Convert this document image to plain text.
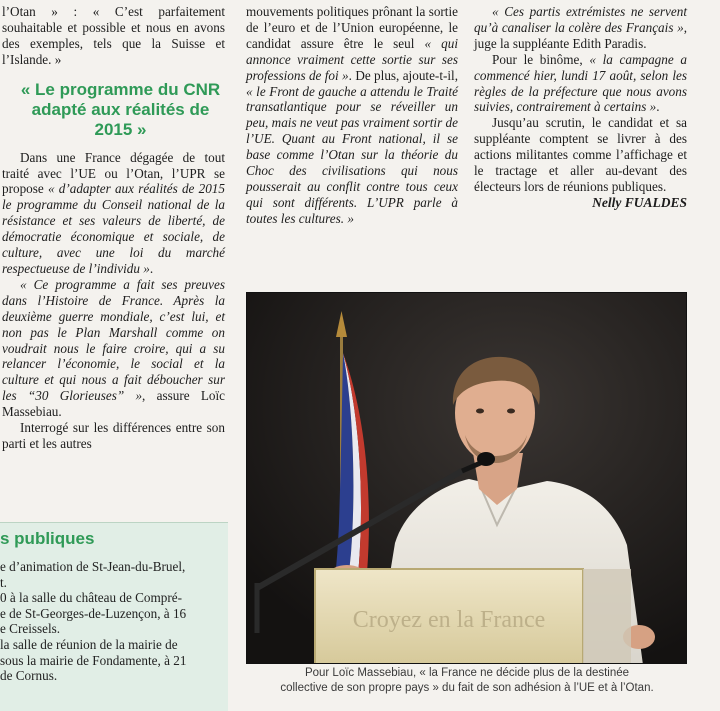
l’Otan » : « C’est parfaitement souhaitable et possible et nous en avons des exemples, tels que la Suisse et l’Islande. »

« Le programme du CNR adapté aux réalités de 2015 »

Dans une France dégagée de tout traité avec l’UE ou l’Otan, l’UPR se propose « d’adapter aux réalités de 2015 le programme du Conseil national de la résistance et ses valeurs de liberté, de démocratie économique et sociale, de culture, avec une loi du marché respectueuse de l’individu ».

« Ce programme a fait ses preuves dans l’Histoire de France. Après la deuxième guerre mondiale, c’est lui, et non pas le Plan Marshall comme on voudrait nous le faire croire, qui a su relancer l’économie, le social et la culture et qui nous a fait déboucher sur les “30 Glorieuses” », assure Loïc Massebiau.

Interrogé sur les différences entre son parti et les autres

mouvements politiques prônant la sortie de l’euro et de l’Union européenne, le candidat assure être le seul « qui annonce vraiment cette sortie sur ses professions de foi ». De plus, ajoute-t-il, « le Front de gauche a attendu le Traité transatlantique pour se réveiller un peu, mais ne veut pas vraiment sortir de l’UE. Quant au Front national, il se base comme l’Otan sur la théorie du Choc des civilisations qui nous pousserait au conflit contre tous ceux qui sont différents. L’UPR parle à toutes les cultures. »

« Ces partis extrémistes ne servent qu’à canaliser la colère des Français », juge la suppléante Edith Paradis.

Pour le binôme, « la campagne a commencé hier, lundi 17 août, selon les règles de la préfecture que nous avons suivies, contrairement à certains ».

Jusqu’au scrutin, le candidat et sa suppléante comptent se livrer à des actions militantes comme l’affichage et le tractage et aller au-devant des électeurs lors de réunions publiques.

Nelly FUALDES

s publiques

e d’animation de St-Jean-du-Bruel,

t.

0 à la salle du château de Compré-

e de St-Georges-de-Luzençon, à 16

e Creissels.

la salle de réunion de la mairie de

sous la mairie de Fondamente, à 21

de Cornus.

Croyez en la France
Pour Loïc Massebiau, « la France ne décide plus de la destinée
collective de son propre pays » du fait de son adhésion à l’UE et à l’Otan.
